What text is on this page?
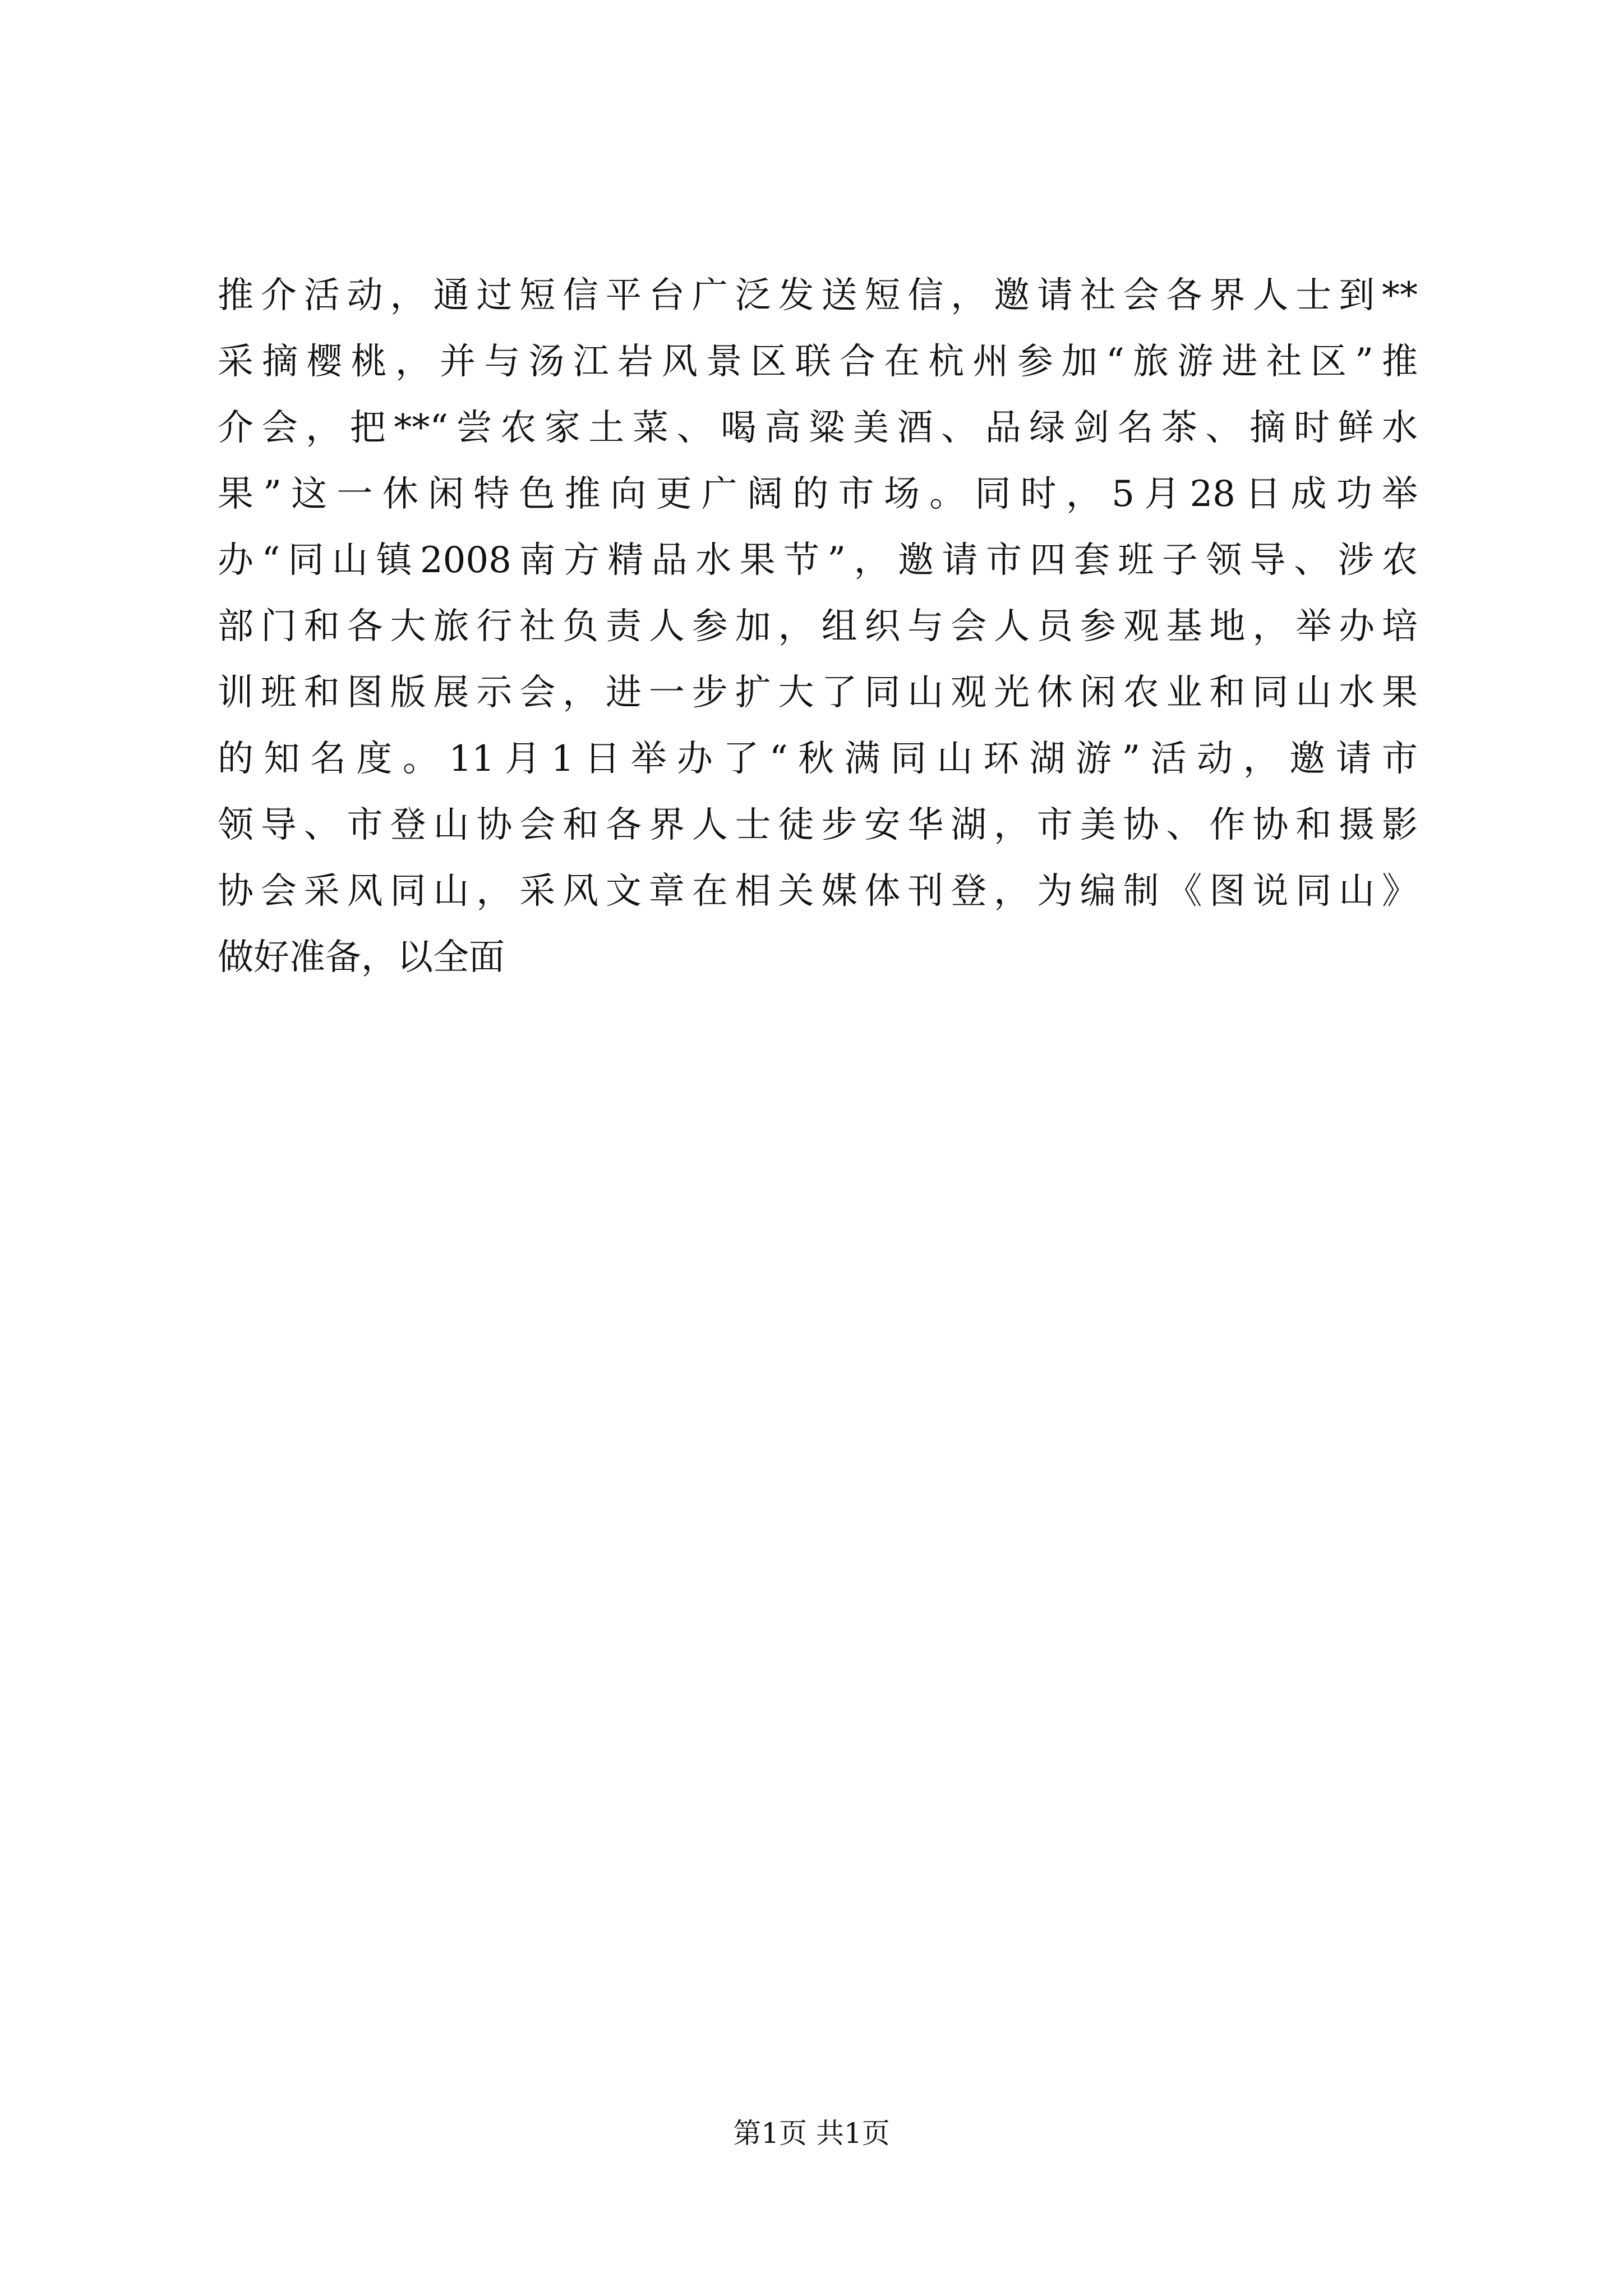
推介活动，通过短信平台广泛发送短信，邀请社会各界人士到**
采摘樱桃，并与汤江岩风景区联合在杭州参加“旅游进社区”推
介会，把**“尝农家土菜、喝高粱美酒、品绿剑名茶、摘时鲜水
果”这一休闲特色推向更广阔的市场。同时，5月28日成功举
办“同山镇2008南方精品水果节”，邀请市四套班子领导、涉农
部门和各大旅行社负责人参加，组织与会人员参观基地，举办培
训班和图版展示会，进一步扩大了同山观光休闲农业和同山水果
的知名度。11月1日举办了“秋满同山环湖游”活动，邀请市
领导、市登山协会和各界人士徒步安华湖，市美协、作协和摄影
协会采风同山，采风文章在相关媒体刊登，为编制《图说同山》
做好准备，以全面
第1页 共1页
